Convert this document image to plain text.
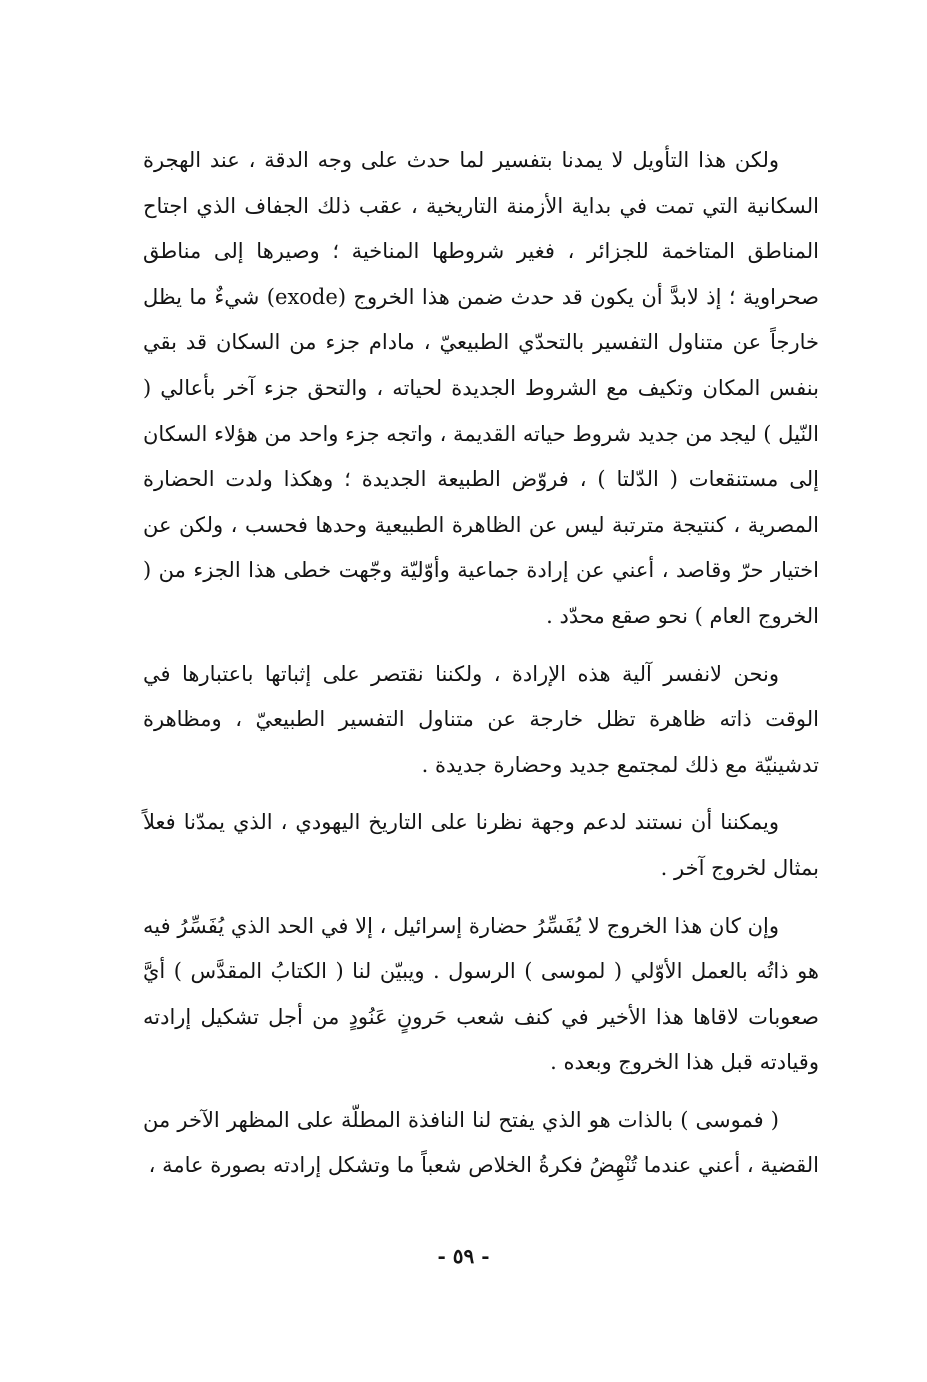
ولكن هذا التأويل لا يمدنا بتفسير لما حدث على وجه الدقة ، عند الهجرة السكانية التي تمت في بداية الأزمنة التاريخية ، عقب ذلك الجفاف الذي اجتاح المناطق المتاخمة للجزائر ، فغير شروطها المناخية ؛ وصيرها إلى مناطق صحراوية ؛ إذ لابدَّ أن يكون قد حدث ضمن هذا الخروج (exode) شيءٌ ما يظل خارجاً عن متناول التفسير بالتحدّي الطبيعيّ ، مادام جزء من السكان قد بقي بنفس المكان وتكيف مع الشروط الجديدة لحياته ، والتحق جزء آخر بأعالي ( النّيل ) ليجد من جديد شروط حياته القديمة ، واتجه جزء واحد من هؤلاء السكان إلى مستنقعات ( الدّلتا ) ، فروّض الطبيعة الجديدة ؛ وهكذا ولدت الحضارة المصرية ، كنتيجة مترتبة ليس عن الظاهرة الطبيعية وحدها فحسب ، ولكن عن اختيار حرّ وقاصد ، أعني عن إرادة جماعية وأوّليّة وجّهت خطى هذا الجزء من ( الخروج العام ) نحو صقع محدّد .

ونحن لانفسر آلية هذه الإرادة ، ولكننا نقتصر على إثباتها باعتبارها في الوقت ذاته ظاهرة تظل خارجة عن متناول التفسير الطبيعيّ ، ومظاهرة تدشينيّة مع ذلك لمجتمع جديد وحضارة جديدة .

ويمكننا أن نستند لدعم وجهة نظرنا على التاريخ اليهودي ، الذي يمدّنا فعلاً بمثال لخروج آخر .

وإن كان هذا الخروج لا يُفَسِّرُ حضارة إسرائيل ، إلا في الحد الذي يُفَسِّرُ فيه هو ذاتُه بالعمل الأوّلي ( لموسى ) الرسول . ويبيّن لنا ( الكتابُ المقدَّس ) أيَّ صعوبات لاقاها هذا الأخير في كنف شعب حَرونٍ عَنُودٍ من أجل تشكيل إرادته وقيادته قبل هذا الخروج وبعده .

( فموسى ) بالذات هو الذي يفتح لنا النافذة المطلّة على المظهر الآخر من القضية ، أعني عندما تُنْهِضُ فكرةُ الخلاص شعباً ما وتشكل إرادته بصورة عامة ،

- ٥٩ -
